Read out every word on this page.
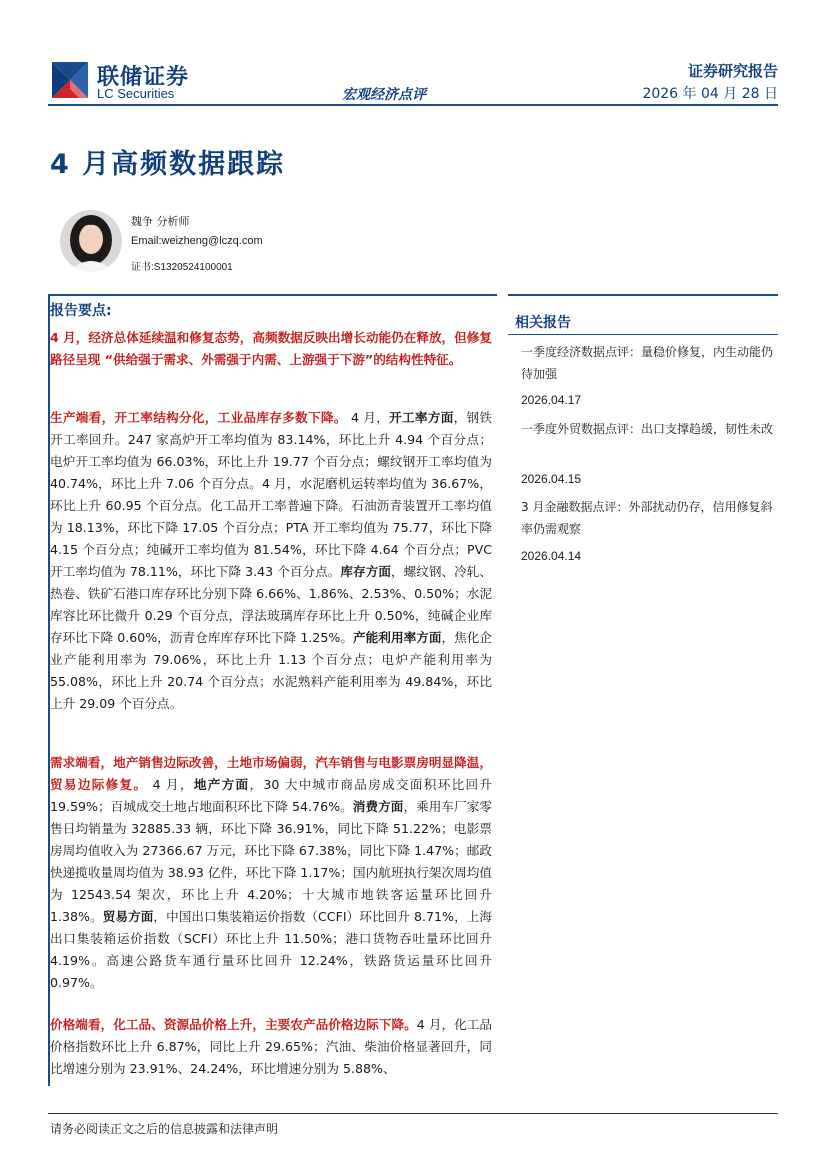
联储证券
LC Securities	宏观经济点评
证券研究报告
2026 年 04 月 28 日
4 月高频数据跟踪
魏争 分析师
Email:weizheng@lczq.com
证书:S1320524100001
报告要点:
4 月，经济总体延续温和修复态势，高频数据反映出增长动能仍在释放，但修复路径呈现 “供给强于需求、外需强于内需、上游强于下游”的结构性特征。
生产端看，开工率结构分化，工业品库存多数下降。 4 月，开工率方面，钢铁开工率回升。247 家高炉开工率均值为 83.14%，环比上升 4.94 个百分点；电炉开工率均值为 66.03%，环比上升 19.77 个百分点；螺纹钢开工率均值为 40.74%，环比上升 7.06 个百分点。4 月，水泥磨机运转率均值为 36.67%，环比上升 60.95 个百分点。化工品开工率普遍下降。石油沥青装置开工率均值为 18.13%，环比下降 17.05 个百分点；PTA 开工率均值为 75.77，环比下降 4.15 个百分点；纯碱开工率均值为 81.54%，环比下降 4.64 个百分点；PVC 开工率均值为 78.11%，环比下降 3.43 个百分点。库存方面，螺纹钢、冷轧、热卷、铁矿石港口库存环比分别下降 6.66%、1.86%、2.53%、0.50%；水泥库容比环比微升 0.29 个百分点，浮法玻璃库存环比上升 0.50%，纯碱企业库存环比下降 0.60%，沥青仓库库存环比下降 1.25%。产能利用率方面，焦化企业产能利用率为 79.06%，环比上升 1.13 个百分点；电炉产能利用率为 55.08%，环比上升 20.74 个百分点；水泥熟料产能利用率为 49.84%，环比上升 29.09 个百分点。
需求端看，地产销售边际改善，土地市场偏弱，汽车销售与电影票房明显降温，贸易边际修复。 4 月，地产方面，30 大中城市商品房成交面积环比回升 19.59%；百城成交土地占地面积环比下降 54.76%。消费方面，乘用车厂家零售日均销量为 32885.33 辆，环比下降 36.91%，同比下降 51.22%；电影票房周均值收入为 27366.67 万元，环比下降 67.38%，同比下降 1.47%；邮政快递揽收量周均值为 38.93 亿件，环比下降 1.17%；国内航班执行架次周均值为 12543.54 架次，环比上升 4.20%；十大城市地铁客运量环比回升 1.38%。贸易方面，中国出口集装箱运价指数（CCFI）环比回升 8.71%，上海出口集装箱运价指数（SCFI）环比上升 11.50%；港口货物吞吐量环比回升 4.19%。高速公路货车通行量环比回升 12.24%，铁路货运量环比回升 0.97%。
价格端看，化工品、资源品价格上升，主要农产品价格边际下降。4 月，化工品价格指数环比上升 6.87%，同比上升 29.65%；汽油、柴油价格显著回升，同比增速分别为 23.91%、24.24%，环比增速分别为 5.88%、
相关报告
一季度经济数据点评：量稳价修复，内生动能仍待加强
2026.04.17
一季度外贸数据点评：出口支撑趋缓，韧性未改
2026.04.15
3 月金融数据点评：外部扰动仍存，信用修复斜率仍需观察
2026.04.14
请务必阅读正文之后的信息披露和法律声明
